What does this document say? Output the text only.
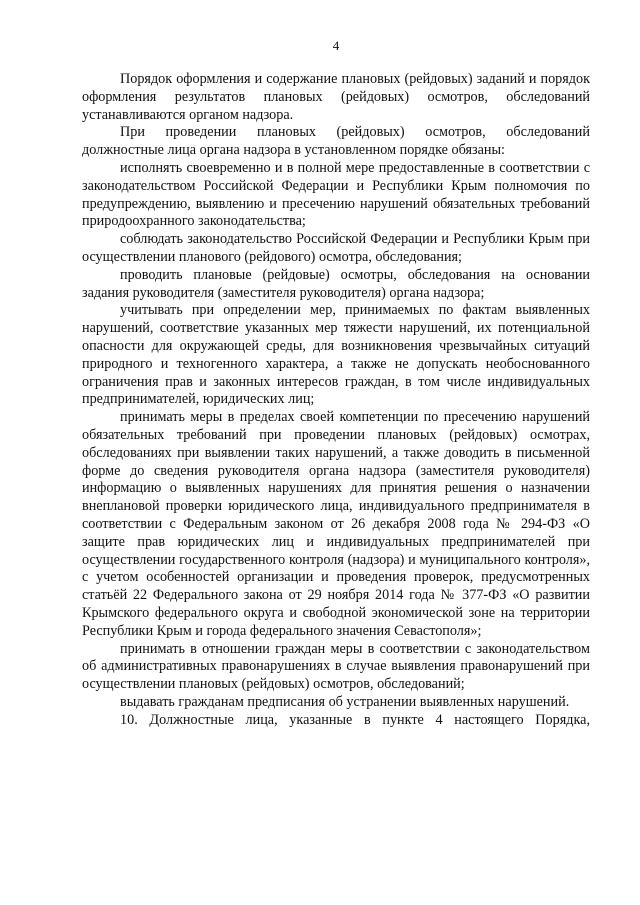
4

Порядок оформления и содержание плановых (рейдовых) заданий и порядок оформления результатов плановых (рейдовых) осмотров, обследований устанавливаются органом надзора.

При проведении плановых (рейдовых) осмотров, обследований должностные лица органа надзора в установленном порядке обязаны:

исполнять своевременно и в полной мере предоставленные в соответствии с законодательством Российской Федерации и Республики Крым полномочия по предупреждению, выявлению и пресечению нарушений обязательных требований природоохранного законодательства;

соблюдать законодательство Российской Федерации и Республики Крым при осуществлении планового (рейдового) осмотра, обследования;

проводить плановые (рейдовые) осмотры, обследования на основании задания руководителя (заместителя руководителя) органа надзора;

учитывать при определении мер, принимаемых по фактам выявленных нарушений, соответствие указанных мер тяжести нарушений, их потенциальной опасности для окружающей среды, для возникновения чрезвычайных ситуаций природного и техногенного характера, а также не допускать необоснованного ограничения прав и законных интересов граждан, в том числе индивидуальных предпринимателей, юридических лиц;

принимать меры в пределах своей компетенции по пресечению нарушений обязательных требований при проведении плановых (рейдовых) осмотрах, обследованиях при выявлении таких нарушений, а также доводить в письменной форме до сведения руководителя органа надзора (заместителя руководителя) информацию о выявленных нарушениях для принятия решения о назначении внеплановой проверки юридического лица, индивидуального предпринимателя в соответствии с Федеральным законом от 26 декабря 2008 года № 294-ФЗ «О защите прав юридических лиц и индивидуальных предпринимателей при осуществлении государственного контроля (надзора) и муниципального контроля», с учетом особенностей организации и проведения проверок, предусмотренных статьёй 22 Федерального закона от 29 ноября 2014 года № 377-ФЗ «О развитии Крымского федерального округа и свободной экономической зоне на территории Республики Крым и города федерального значения Севастополя»;

принимать в отношении граждан меры в соответствии с законодательством об административных правонарушениях в случае выявления правонарушений при осуществлении плановых (рейдовых) осмотров, обследований;

выдавать гражданам предписания об устранении выявленных нарушений.

10. Должностные лица, указанные в пункте 4 настоящего Порядка,
